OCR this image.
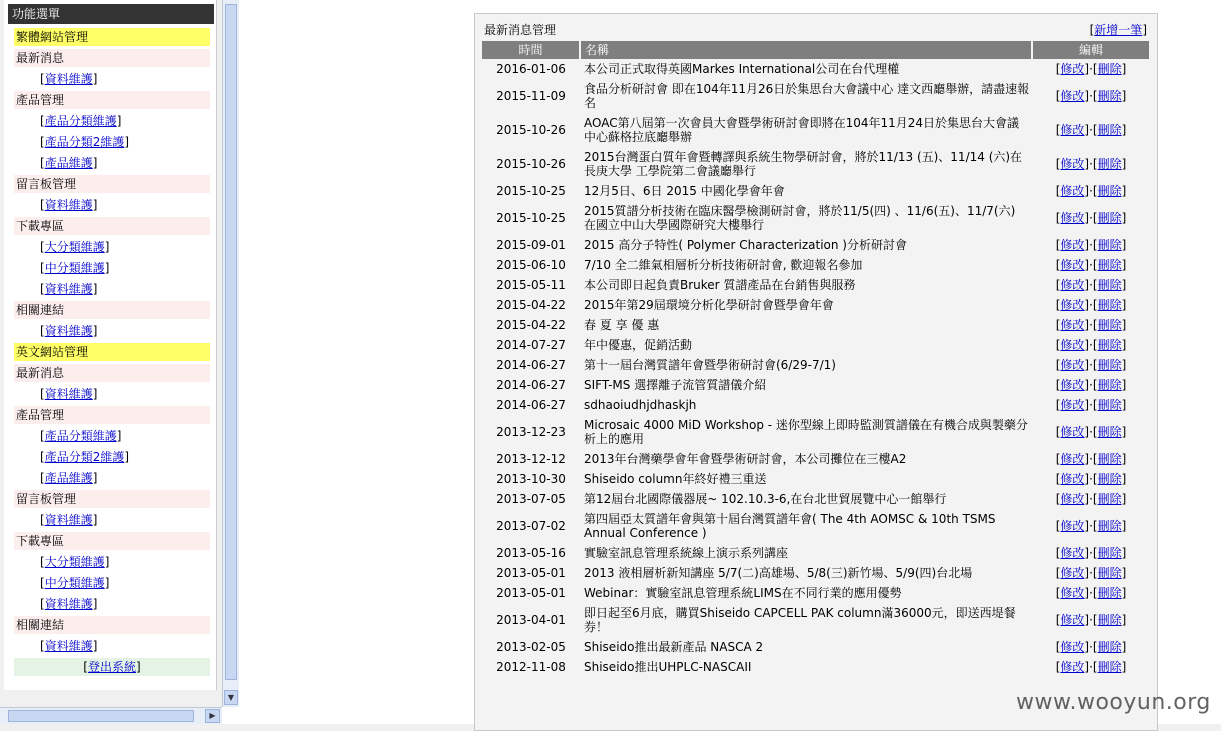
功能選單
繁體網站管理
最新消息
[資料維護]
產品管理
[產品分類維護]
[產品分類2維護]
[產品維護]
留言板管理
[資料維護]
下載專區
[大分類維護]
[中分類維護]
[資料維護]
相關連結
[資料維護]
英文網站管理
最新消息
[資料維護]
產品管理
[產品分類維護]
[產品分類2維護]
[產品維護]
留言板管理
[資料維護]
下載專區
[大分類維護]
[中分類維護]
[資料維護]
相關連結
[資料維護]
[登出系統]
▼
▶
最新消息管理	[新增一筆]
時間	名稱	編輯
2016-01-06	本公司正式取得英國Markes International公司在台代理權	[修改]·[刪除]
2015-11-09	食品分析研討會 即在104年11月26日於集思台大會議中心 達文西廳舉辦，請盡速報名	[修改]·[刪除]
2015-10-26	AOAC第八屆第一次會員大會暨學術研討會即將在104年11月24日於集思台大會議中心蘇格拉底廳舉辦	[修改]·[刪除]
2015-10-26	2015台灣蛋白質年會暨轉譯與系統生物學研討會，將於11/13 (五)、11/14 (六)在長庚大學 工學院第二會議廳舉行	[修改]·[刪除]
2015-10-25	12月5日、6日 2015 中國化學會年會	[修改]·[刪除]
2015-10-25	2015質譜分析技術在臨床醫學檢測研討會，將於11/5(四) 、11/6(五)、11/7(六) 在國立中山大學國際研究大樓舉行	[修改]·[刪除]
2015-09-01	2015 高分子特性( Polymer Characterization )分析研討會	[修改]·[刪除]
2015-06-10	7/10 全二維氣相層析分析技術研討會, 歡迎報名參加	[修改]·[刪除]
2015-05-11	本公司即日起負責Bruker 質譜產品在台銷售與服務	[修改]·[刪除]
2015-04-22	2015年第29屆環境分析化學研討會暨學會年會	[修改]·[刪除]
2015-04-22	春 夏 享 優 惠	[修改]·[刪除]
2014-07-27	年中優惠，促銷活動	[修改]·[刪除]
2014-06-27	第十一屆台灣質譜年會暨學術研討會(6/29-7/1)	[修改]·[刪除]
2014-06-27	SIFT-MS 選擇離子流管質譜儀介紹	[修改]·[刪除]
2014-06-27	sdhaoiudhjdhaskjh	[修改]·[刪除]
2013-12-23	Microsaic 4000 MiD Workshop - 迷你型線上即時監測質譜儀在有機合成與製藥分析上的應用	[修改]·[刪除]
2013-12-12	2013年台灣藥學會年會暨學術研討會，本公司攤位在三樓A2	[修改]·[刪除]
2013-10-30	Shiseido column年終好禮三重送	[修改]·[刪除]
2013-07-05	第12屆台北國際儀器展~ 102.10.3-6,在台北世貿展覽中心一館舉行	[修改]·[刪除]
2013-07-02	第四屆亞太質譜年會與第十屆台灣質譜年會( The 4th AOMSC & 10th TSMS Annual Conference )	[修改]·[刪除]
2013-05-16	實驗室訊息管理系統線上演示系列講座	[修改]·[刪除]
2013-05-01	2013 液相層析新知講座 5/7(二)高雄場、5/8(三)新竹場、5/9(四)台北場	[修改]·[刪除]
2013-05-01	Webinar：實驗室訊息管理系統LIMS在不同行業的應用優勢	[修改]·[刪除]
2013-04-01	即日起至6月底，購買Shiseido CAPCELL PAK column滿36000元，即送西堤餐券！	[修改]·[刪除]
2013-02-05	Shiseido推出最新產品 NASCA 2	[修改]·[刪除]
2012-11-08	Shiseido推出UHPLC-NASCAII	[修改]·[刪除]
www.wooyun.org
